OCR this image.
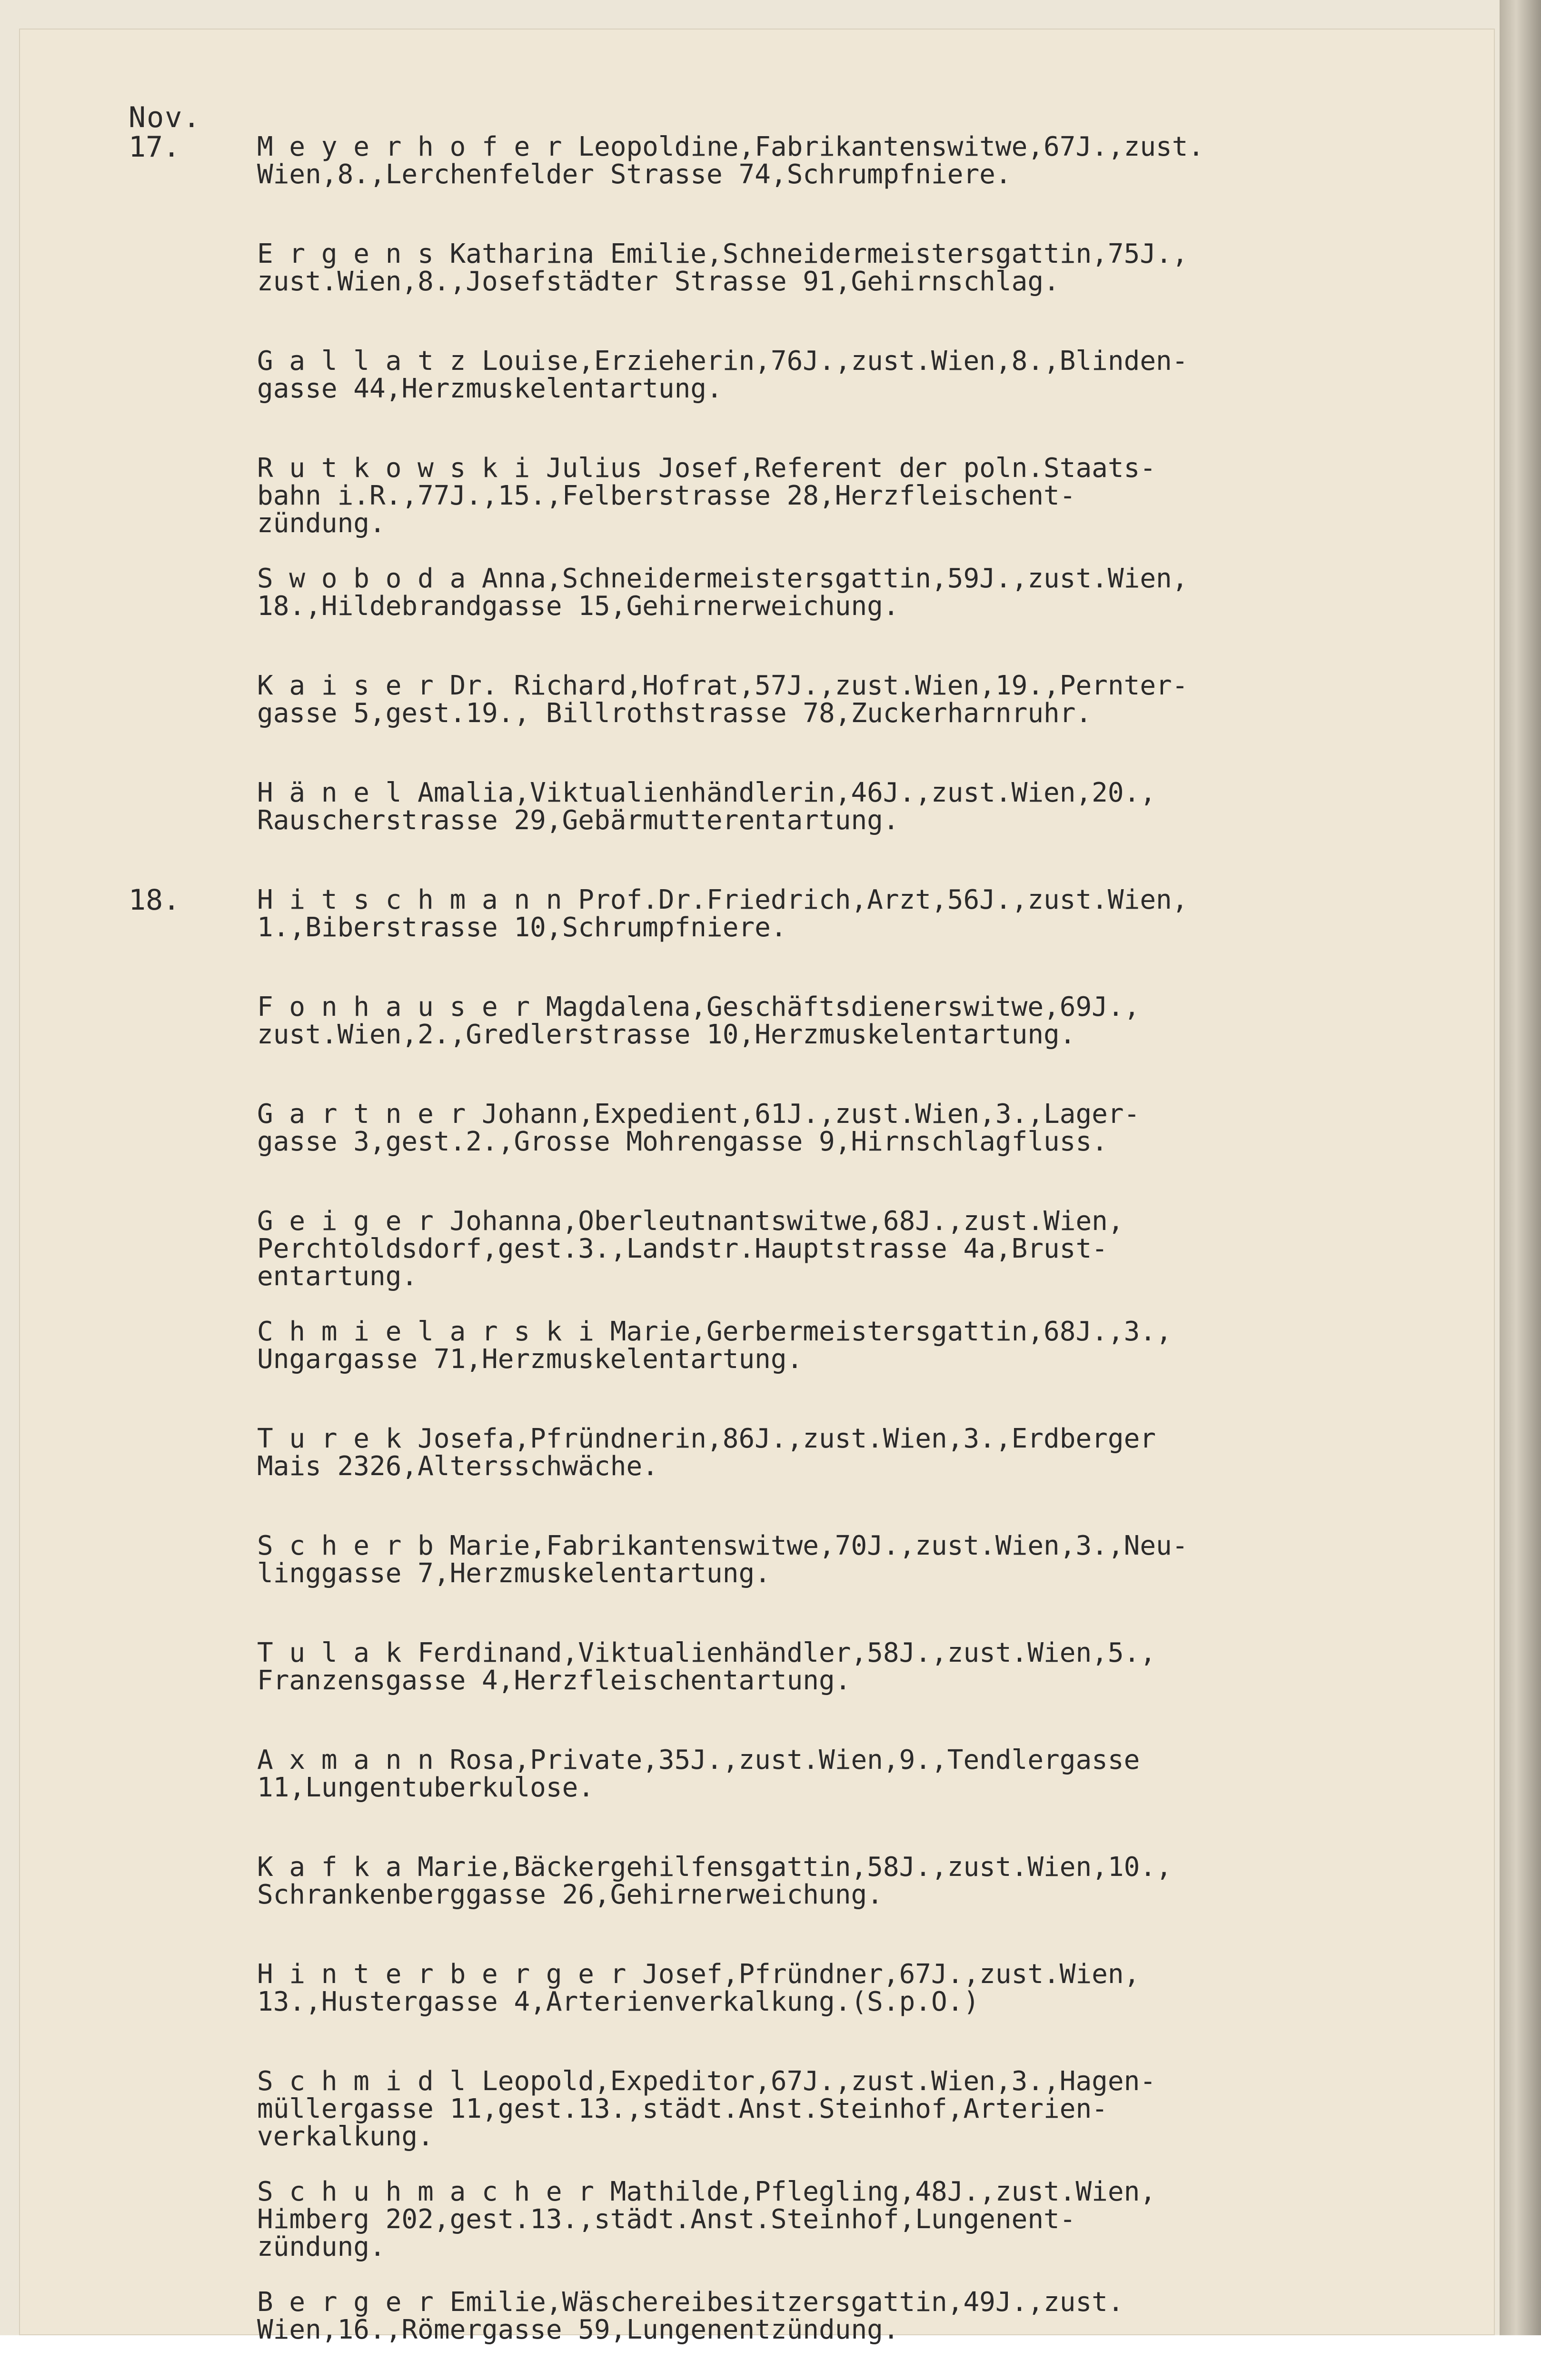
Nov.
17.	M e y e r h o f e r Leopoldine,Fabrikantenswitwe,67J.,zust.
Wien,8.,Lerchenfelder Strasse 74,Schrumpfniere.
E r g e n s Katharina Emilie,Schneidermeistersgattin,75J.,
zust.Wien,8.,Josefstädter Strasse 91,Gehirnschlag.
G a l l a t z Louise,Erzieherin,76J.,zust.Wien,8.,Blinden-
gasse 44,Herzmuskelentartung.
R u t k o w s k i Julius Josef,Referent der poln.Staats-
bahn i.R.,77J.,15.,Felberstrasse 28,Herzfleischent-
zündung.
S w o b o d a Anna,Schneidermeistersgattin,59J.,zust.Wien,
18.,Hildebrandgasse 15,Gehirnerweichung.
K a i s e r Dr. Richard,Hofrat,57J.,zust.Wien,19.,Pernter-
gasse 5,gest.19., Billrothstrasse 78,Zuckerharnruhr.
H ä n e l Amalia,Viktualienhändlerin,46J.,zust.Wien,20.,
Rauscherstrasse 29,Gebärmutterentartung.
18.	H i t s c h m a n n Prof.Dr.Friedrich,Arzt,56J.,zust.Wien,
1.,Biberstrasse 10,Schrumpfniere.
F o n h a u s e r Magdalena,Geschäftsdienerswitwe,69J.,
zust.Wien,2.,Gredlerstrasse 10,Herzmuskelentartung.
G a r t n e r Johann,Expedient,61J.,zust.Wien,3.,Lager-
gasse 3,gest.2.,Grosse Mohrengasse 9,Hirnschlagfluss.
G e i g e r Johanna,Oberleutnantswitwe,68J.,zust.Wien,
Perchtoldsdorf,gest.3.,Landstr.Hauptstrasse 4a,Brust-
entartung.
C h m i e l a r s k i Marie,Gerbermeistersgattin,68J.,3.,
Ungargasse 71,Herzmuskelentartung.
T u r e k Josefa,Pfründnerin,86J.,zust.Wien,3.,Erdberger
Mais 2326,Altersschwäche.
S c h e r b Marie,Fabrikantenswitwe,70J.,zust.Wien,3.,Neu-
linggasse 7,Herzmuskelentartung.
T u l a k Ferdinand,Viktualienhändler,58J.,zust.Wien,5.,
Franzensgasse 4,Herzfleischentartung.
A x m a n n Rosa,Private,35J.,zust.Wien,9.,Tendlergasse
11,Lungentuberkulose.
K a f k a Marie,Bäckergehilfensgattin,58J.,zust.Wien,10.,
Schrankenberggasse 26,Gehirnerweichung.
H i n t e r b e r g e r Josef,Pfründner,67J.,zust.Wien,
13.,Hustergasse 4,Arterienverkalkung.(S.p.O.)
S c h m i d l Leopold,Expeditor,67J.,zust.Wien,3.,Hagen-
müllergasse 11,gest.13.,städt.Anst.Steinhof,Arterien-
verkalkung.
S c h u h m a c h e r Mathilde,Pflegling,48J.,zust.Wien,
Himberg 202,gest.13.,städt.Anst.Steinhof,Lungenent-
zündung.
B e r g e r Emilie,Wäschereibesitzersgattin,49J.,zust.
Wien,16.,Römergasse 59,Lungenentzündung.
